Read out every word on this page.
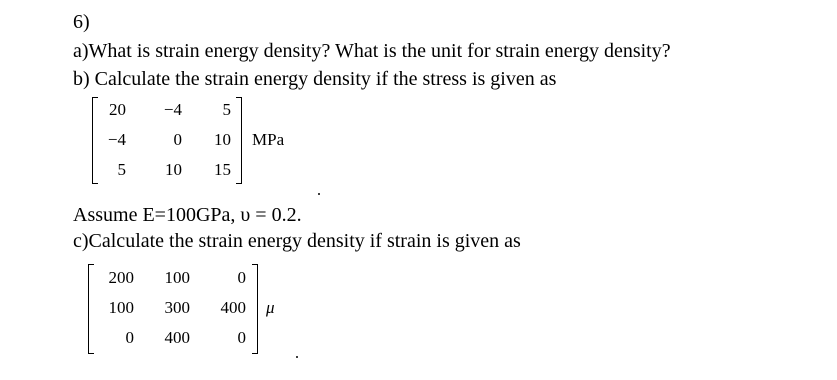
6)
a)What is strain energy density? What is the unit for strain energy density?
b) Calculate the strain energy density if the stress is given as
20 −4 5
−4	0 10
5 10 15
MPa
Assume E=100GPa, υ = 0.2.
c)Calculate the strain energy density if strain is given as
200 100	0
100 300 400
0 400	0
μ
